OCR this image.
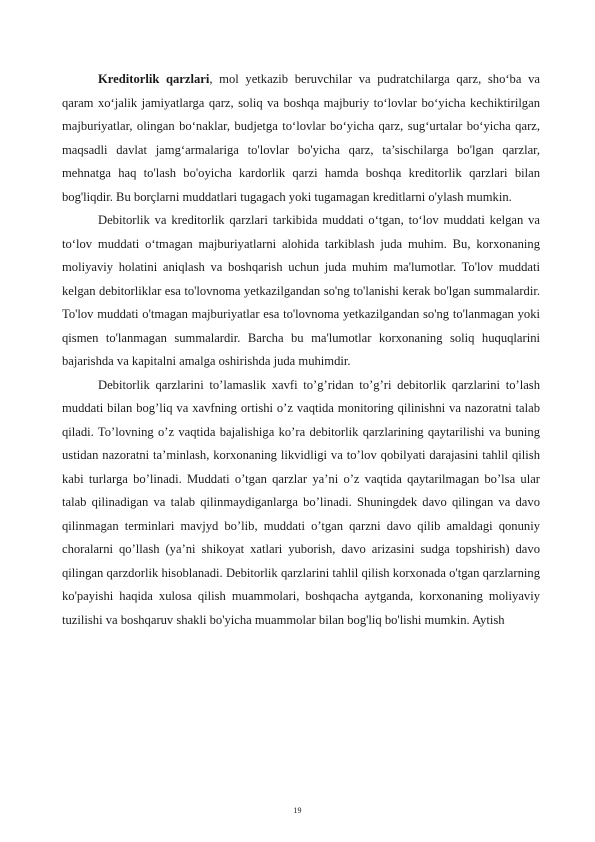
Kreditorlik qarzlari, mol yetkazib beruvchilar va pudratchilarga qarz, sho‘ba va qaram xo‘jalik jamiyatlarga qarz, soliq va boshqa majburiy to‘lovlar bo‘yicha kechiktirilgan majburiyatlar, olingan bo‘naklar, budjetga to‘lovlar bo‘yicha qarz, sug‘urtalar bo‘yicha qarz, maqsadli davlat jamg‘armalariga to'lovlar bo'yicha qarz, ta’sischilarga bo'lgan qarzlar, mehnatga haq to'lash bo'oyicha kardorlik qarzi hamda boshqa kreditorlik qarzlari bilan bog'liqdir. Bu borçlarni muddatlari tugagach yoki tugamagan kreditlarni o'ylash mumkin.

Debitorlik va kreditorlik qarzlari tarkibida muddati o‘tgan, to‘lov muddati kelgan va to‘lov muddati o‘tmagan majburiyatlarni alohida tarkiblash juda muhim. Bu, korxonaning moliyaviy holatini aniqlash va boshqarish uchun juda muhim ma'lumotlar. To'lov muddati kelgan debitorliklar esa to'lovnoma yetkazilgandan so'ng to'lanishi kerak bo'lgan summalardir. To'lov muddati o'tmagan majburiyatlar esa to'lovnoma yetkazilgandan so'ng to'lanmagan yoki qismen to'lanmagan summalardir. Barcha bu ma'lumotlar korxonaning soliq huquqlarini bajarishda va kapitalni amalga oshirishda juda muhimdir.

Debitorlik qarzlarini to’lamaslik xavfi to’g’ridan to’g’ri debitorlik qarzlarini to’lash muddati bilan bog’liq va xavfning ortishi o’z vaqtida monitoring qilinishni va nazoratni talab qiladi. To’lovning o’z vaqtida bajalishiga ko’ra debitorlik qarzlarining qaytarilishi va buning ustidan nazoratni ta’minlash, korxonaning likvidligi va to’lov qobilyati darajasini tahlil qilish kabi turlarga bo’linadi. Muddati o’tgan qarzlar ya’ni o’z vaqtida qaytarilmagan bo’lsa ular talab qilinadigan va talab qilinmaydiganlarga bo’linadi. Shuningdek davo qilingan va davo qilinmagan terminlari mavjyd bo’lib, muddati o’tgan qarzni davo qilib amaldagi qonuniy choralarni qo’llash (ya’ni shikoyat xatlari yuborish, davo arizasini sudga topshirish) davo qilingan qarzdorlik hisoblanadi. Debitorlik qarzlarini tahlil qilish korxonada o'tgan qarzlarning ko'payishi haqida xulosa qilish muammolari, boshqacha aytganda, korxonaning moliyaviy tuzilishi va boshqaruv shakli bo'yicha muammolar bilan bog'liq bo'lishi mumkin. Aytish

19
